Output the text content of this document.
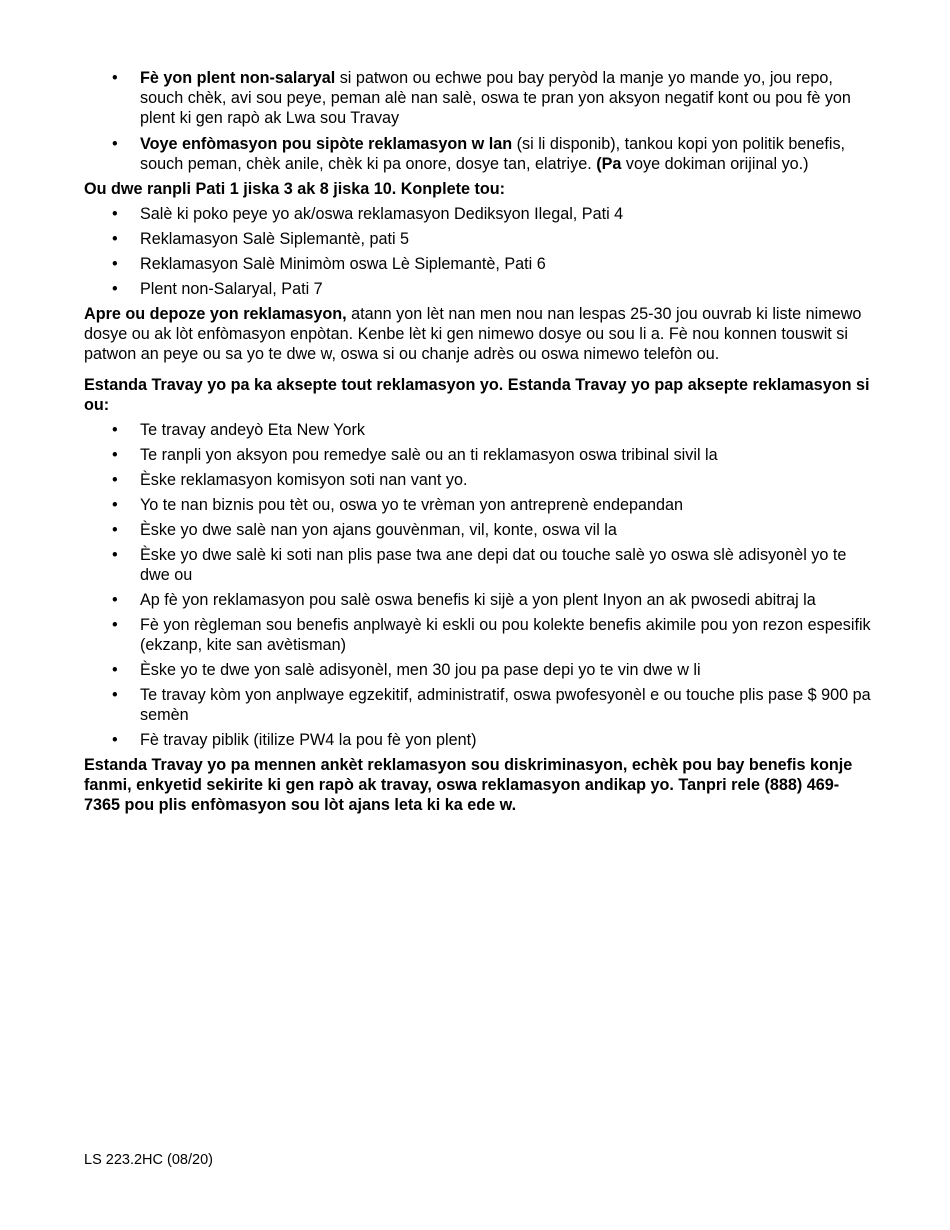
• Fè yon plent non-salaryal si patwon ou echwe pou bay peryòd la manje yo mande yo, jou repo, souch chèk, avi sou peye, peman alè nan salè, oswa te pran yon aksyon negatif kont ou pou fè yon plent ki gen rapò ak Lwa sou Travay
• Voye enfòmasyon pou sipòte reklamasyon w lan (si li disponib), tankou kopi yon politik benefis, souch peman, chèk anile, chèk ki pa onore, dosye tan, elatriye. (Pa voye dokiman orijinal yo.)

Ou dwe ranpli Pati 1 jiska 3 ak 8 jiska 10. Konplete tou:

• Salè ki poko peye yo ak/oswa reklamasyon Dediksyon Ilegal, Pati 4
• Reklamasyon Salè Siplemantè, pati 5
• Reklamasyon Salè Minimòm oswa Lè Siplemantè, Pati 6
• Plent non-Salaryal, Pati 7

Apre ou depoze yon reklamasyon, atann yon lèt nan men nou nan lespas 25-30 jou ouvrab ki liste nimewo dosye ou ak lòt enfòmasyon enpòtan. Kenbe lèt ki gen nimewo dosye ou sou li a. Fè nou konnen touswit si patwon an peye ou sa yo te dwe w, oswa si ou chanje adrès ou oswa nimewo telefòn ou.

Estanda Travay yo pa ka aksepte tout reklamasyon yo. Estanda Travay yo pap aksepte reklamasyon si ou:

• Te travay andeyò Eta New York
• Te ranpli yon aksyon pou remedye salè ou an ti reklamasyon oswa tribinal sivil la
• Èske reklamasyon komisyon soti nan vant yo.
• Yo te nan biznis pou tèt ou, oswa yo te vrèman yon antreprenè endepandan
• Èske yo dwe salè nan yon ajans gouvènman, vil, konte, oswa vil la
• Èske yo dwe salè ki soti nan plis pase twa ane depi dat ou touche salè yo oswa slè adisyonèl yo te dwe ou
• Ap fè yon reklamasyon pou salè oswa benefis ki sijè a yon plent Inyon an ak pwosedi abitraj la
• Fè yon règleman sou benefis anplwayè ki eskli ou pou kolekte benefis akimile pou yon rezon espesifik (ekzanp, kite san avètisman)
• Èske yo te dwe yon salè adisyonèl, men 30 jou pa pase depi yo te vin dwe w li
• Te travay kòm yon anplwaye egzekitif, administratif, oswa pwofesyonèl e ou touche plis pase $ 900 pa semèn
• Fè travay piblik (itilize PW4 la pou fè yon plent)

Estanda Travay yo pa mennen ankèt reklamasyon sou diskriminasyon, echèk pou bay benefis konje fanmi, enkyetid sekirite ki gen rapò ak travay, oswa reklamasyon andikap yo. Tanpri rele (888) 469-7365 pou plis enfòmasyon sou lòt ajans leta ki ka ede w.

LS 223.2HC (08/20)
